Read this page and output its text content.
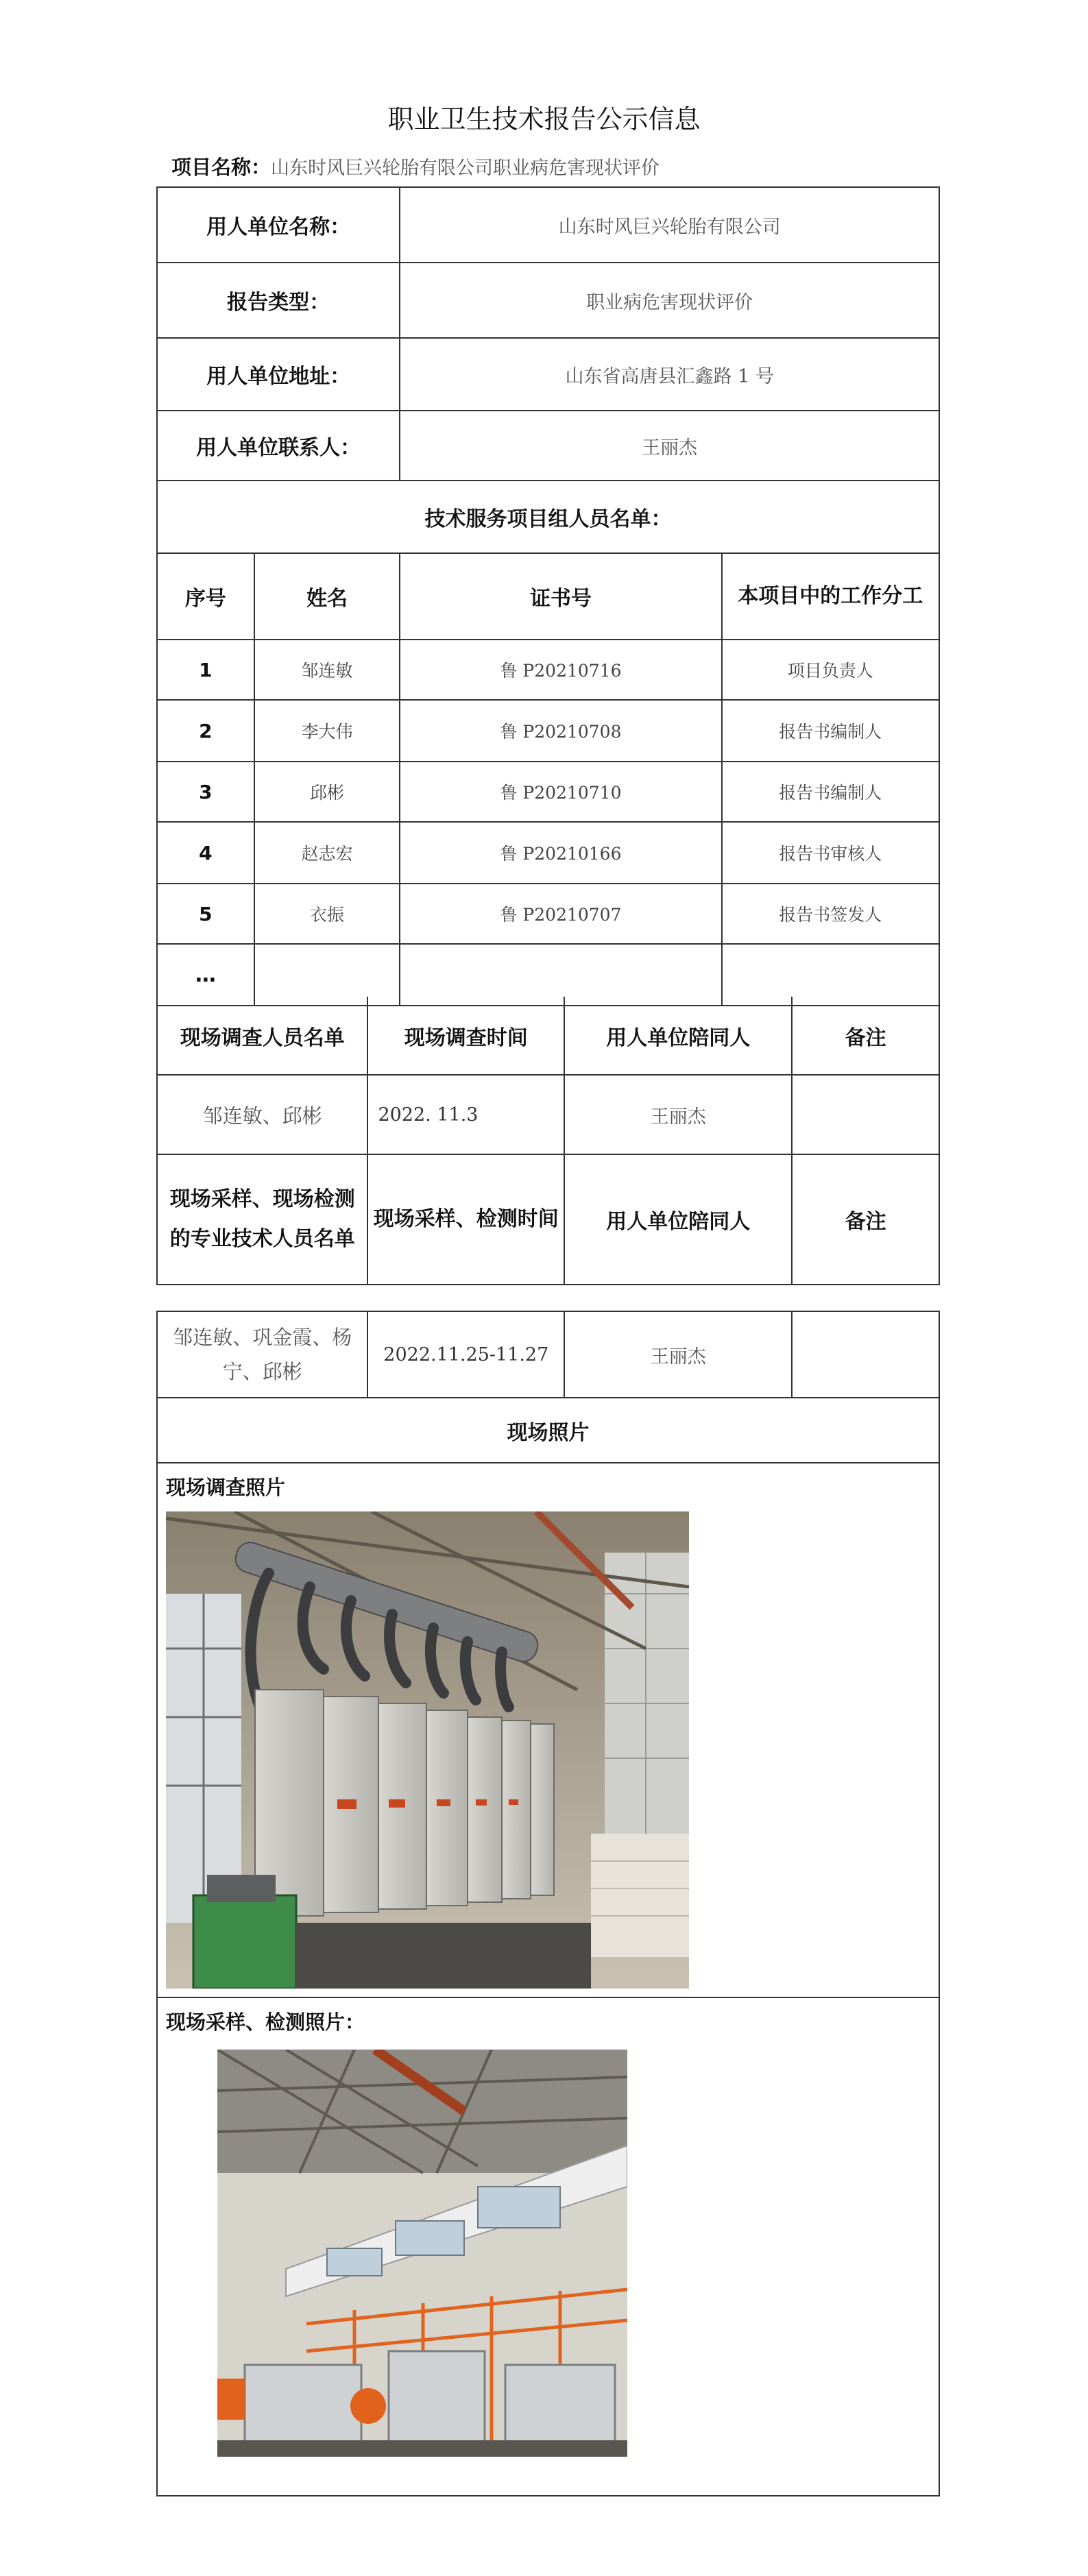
职业卫生技术报告公示信息
项目名称：山东时风巨兴轮胎有限公司职业病危害现状评价
用人单位名称：		山东时风巨兴轮胎有限公司	
报告类型：		职业病危害现状评价	
用人单位地址：		山东省高唐县汇鑫路 1 号	
用人单位联系人：		王丽杰	
技术服务项目组人员名单：			
序号	姓名	证书号	本项目中的工作分工
1	邹连敏	鲁 P20210716	项目负责人
2	李大伟	鲁 P20210708	报告书编制人
3	邱彬	鲁 P20210710	报告书编制人
4	赵志宏	鲁 P20210166	报告书审核人
5	衣振	鲁 P20210707	报告书签发人
…			
现场调查人员名单	现场调查时间	用人单位陪同人	备注
邹连敏、邱彬	2022. 11.3	王丽杰	
现场采样、现场检测的专业技术人员名单	现场采样、检测时间	用人单位陪同人	备注
邹连敏、巩金霞、杨宁、邱彬	2022.11.25-11.27	王丽杰	
现场照片

现场调查照片
现场采样、检测照片：
